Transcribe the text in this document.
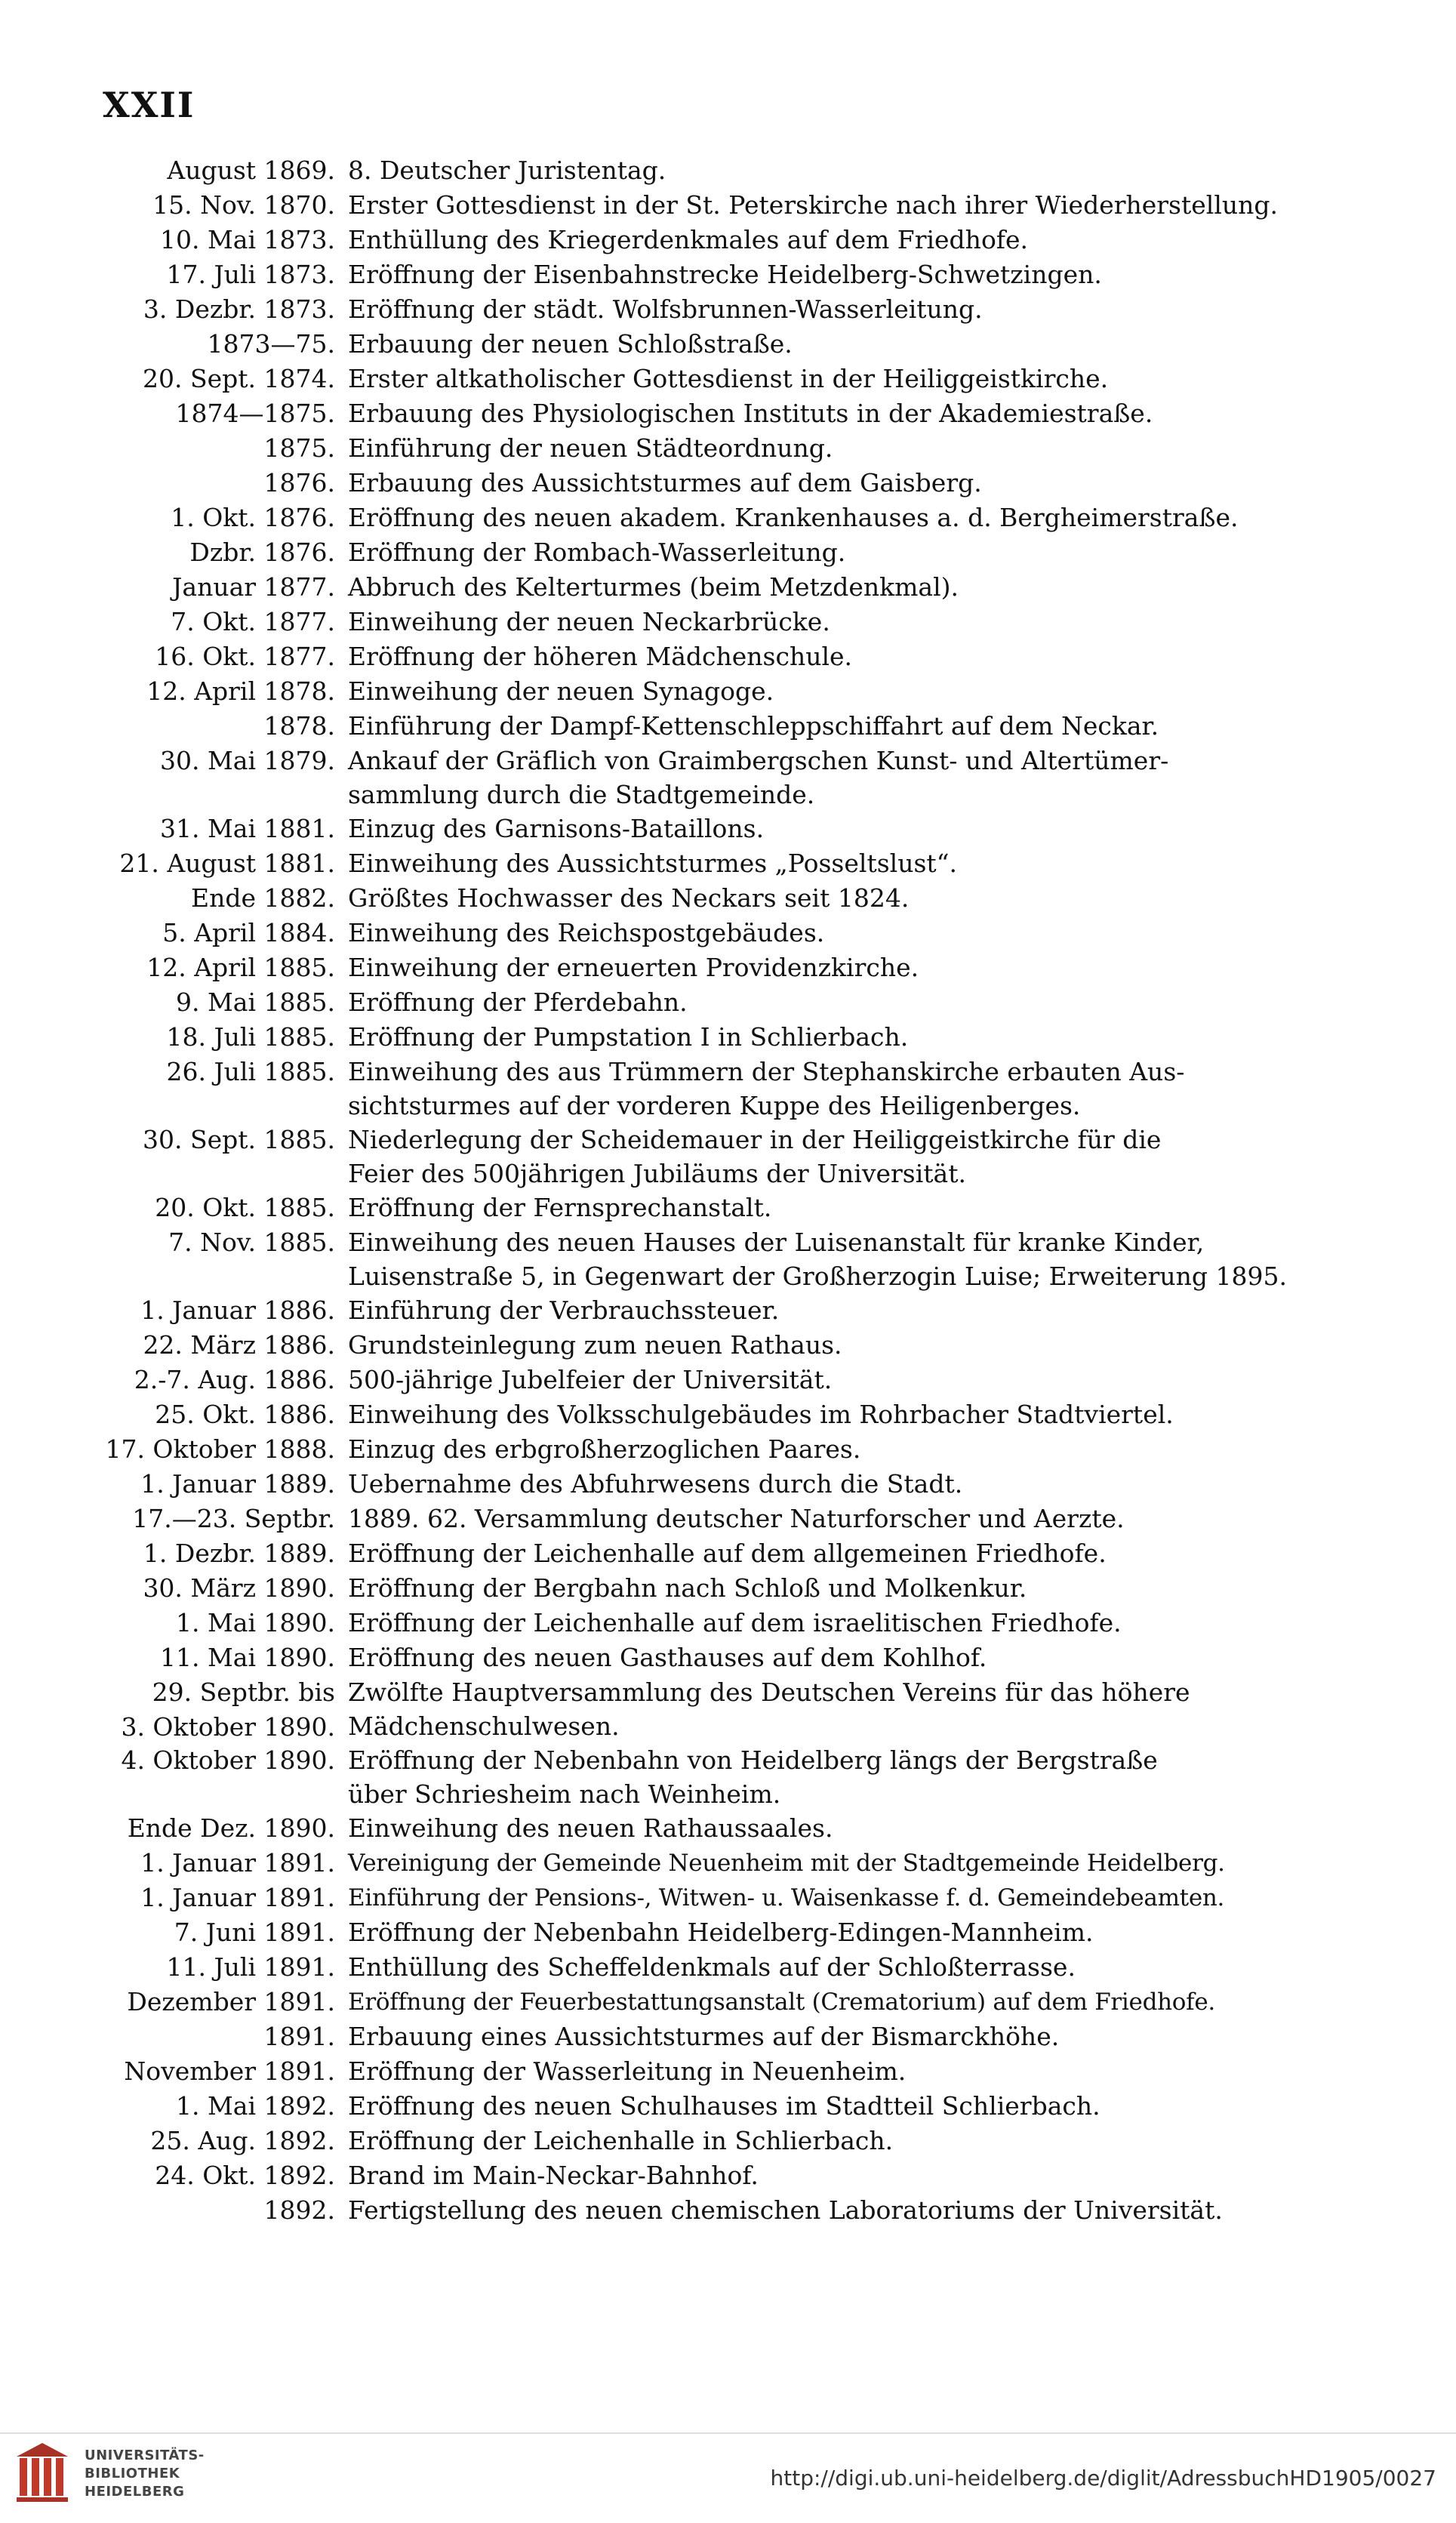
XXII
August 1869. 8. Deutscher Juristentag.
15. Nov. 1870. Erster Gottesdienst in der St. Peterskirche nach ihrer Wiederherstellung.
10. Mai 1873. Enthüllung des Kriegerdenkmales auf dem Friedhofe.
17. Juli 1873. Eröffnung der Eisenbahnstrecke Heidelberg-Schwetzingen.
3. Dezbr. 1873. Eröffnung der städt. Wolfsbrunnen-Wasserleitung.
1873—75. Erbauung der neuen Schloßstraße.
20. Sept. 1874. Erster altkatholischer Gottesdienst in der Heiliggeistkirche.
1874—1875. Erbauung des Physiologischen Instituts in der Akademiestraße.
1875. Einführung der neuen Städteordnung.
1876. Erbauung des Aussichtsturmes auf dem Gaisberg.
1. Okt. 1876. Eröffnung des neuen akadem. Krankenhauses a. d. Bergheimerstraße.
Dzbr. 1876. Eröffnung der Rombach-Wasserleitung.
Januar 1877. Abbruch des Kelterturmes (beim Metzdenkmal).
7. Okt. 1877. Einweihung der neuen Neckarbrücke.
16. Okt. 1877. Eröffnung der höheren Mädchenschule.
12. April 1878. Einweihung der neuen Synagoge.
1878. Einführung der Dampf-Kettenschleppschiffahrt auf dem Neckar.
30. Mai 1879. Ankauf der Gräflich von Graimbergschen Kunst- und Altertümer-
sammlung durch die Stadtgemeinde.
31. Mai 1881. Einzug des Garnisons-Bataillons.
21. August 1881. Einweihung des Aussichtsturmes „Posseltslust“.
Ende 1882. Größtes Hochwasser des Neckars seit 1824.
5. April 1884. Einweihung des Reichspostgebäudes.
12. April 1885. Einweihung der erneuerten Providenzkirche.
9. Mai 1885. Eröffnung der Pferdebahn.
18. Juli 1885. Eröffnung der Pumpstation I in Schlierbach.
26. Juli 1885. Einweihung des aus Trümmern der Stephanskirche erbauten Aus-
sichtsturmes auf der vorderen Kuppe des Heiligenberges.
30. Sept. 1885. Niederlegung der Scheidemauer in der Heiliggeistkirche für die
Feier des 500jährigen Jubiläums der Universität.
20. Okt. 1885. Eröffnung der Fernsprechanstalt.
7. Nov. 1885. Einweihung des neuen Hauses der Luisenanstalt für kranke Kinder,
Luisenstraße 5, in Gegenwart der Großherzogin Luise; Erweiterung 1895.
1. Januar 1886. Einführung der Verbrauchssteuer.
22. März 1886. Grundsteinlegung zum neuen Rathaus.
2.-7. Aug. 1886. 500-jährige Jubelfeier der Universität.
25. Okt. 1886. Einweihung des Volksschulgebäudes im Rohrbacher Stadtviertel.
17. Oktober 1888. Einzug des erbgroßherzoglichen Paares.
1. Januar 1889. Uebernahme des Abfuhrwesens durch die Stadt.
17.—23. Septbr. 1889. 62. Versammlung deutscher Naturforscher und Aerzte.
1. Dezbr. 1889. Eröffnung der Leichenhalle auf dem allgemeinen Friedhofe.
30. März 1890. Eröffnung der Bergbahn nach Schloß und Molkenkur.
1. Mai 1890. Eröffnung der Leichenhalle auf dem israelitischen Friedhofe.
11. Mai 1890. Eröffnung des neuen Gasthauses auf dem Kohlhof.
29. Septbr. bis
3. Oktober 1890.
Zwölfte Hauptversammlung des Deutschen Vereins für das höhere
Mädchenschulwesen.
4. Oktober 1890. Eröffnung der Nebenbahn von Heidelberg längs der Bergstraße
über Schriesheim nach Weinheim.
Ende Dez. 1890. Einweihung des neuen Rathaussaales.
1. Januar 1891. Vereinigung der Gemeinde Neuenheim mit der Stadtgemeinde Heidelberg.
1. Januar 1891. Einführung der Pensions-, Witwen- u. Waisenkasse f. d. Gemeindebeamten.
7. Juni 1891. Eröffnung der Nebenbahn Heidelberg-Edingen-Mannheim.
11. Juli 1891. Enthüllung des Scheffeldenkmals auf der Schloßterrasse.
Dezember 1891. Eröffnung der Feuerbestattungsanstalt (Crematorium) auf dem Friedhofe.
1891. Erbauung eines Aussichtsturmes auf der Bismarckhöhe.
November 1891. Eröffnung der Wasserleitung in Neuenheim.
1. Mai 1892. Eröffnung des neuen Schulhauses im Stadtteil Schlierbach.
25. Aug. 1892. Eröffnung der Leichenhalle in Schlierbach.
24. Okt. 1892. Brand im Main-Neckar-Bahnhof.
1892. Fertigstellung des neuen chemischen Laboratoriums der Universität.
UNIVERSITÄTS-
BIBLIOTHEK
HEIDELBERG
http://digi.ub.uni-heidelberg.de/diglit/AdressbuchHD1905/0027
